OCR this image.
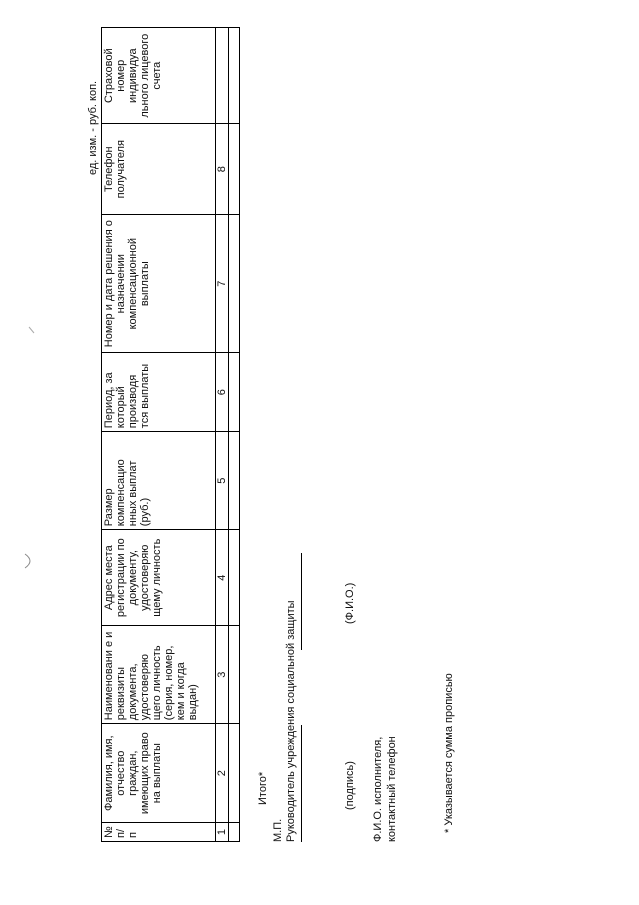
ед. изм. - руб. коп.
№ п/ п	Фамилия, имя, отчество граждан, имеющих право на выплаты	Наименовани е и реквизиты документа, удостоверяю щего личность (серия, номер, кем и когда выдан)	Адрес места регистрации по документу, удостоверяю щему личность	Размер компенсацио нных выплат (руб.)	Период, за который производя тся выплаты	Номер и дата решения о назначении компенсационной выплаты	Телефон получателя	Страховой номер индивидуа льного лицевого счета
1	2	3	4	5	6	7	8	

Итого*
М.П. Руководитель учреждения социальной защиты	(подпись)
(Ф.И.О.)
Ф.И.О. исполнителя, контактный телефон	* Указывается сумма прописью
